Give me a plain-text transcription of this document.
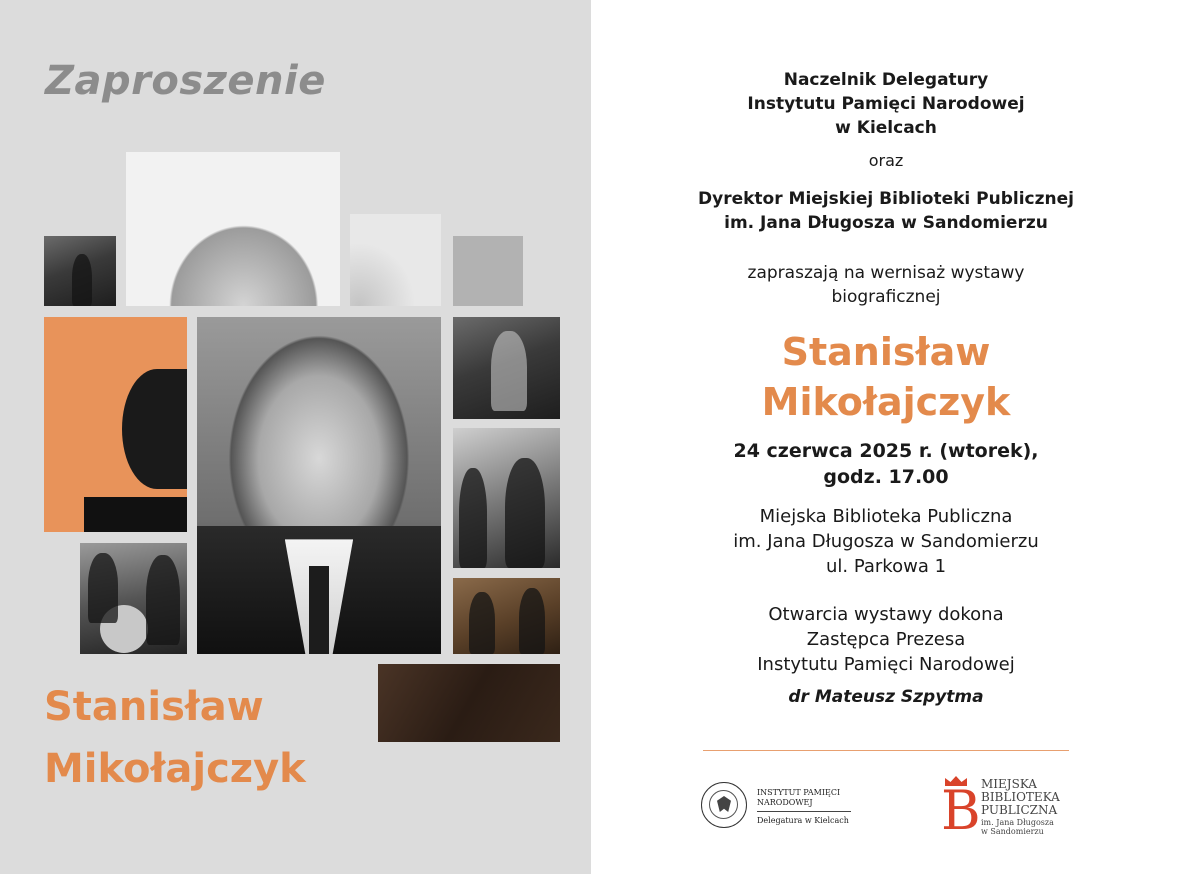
Zaproszenie
Stanisław
Mikołajczyk
Naczelnik Delegatury
Instytutu Pamięci Narodowej
w Kielcach
oraz
Dyrektor Miejskiej Biblioteki Publicznej
im. Jana Długosza w Sandomierzu
zapraszają na wernisaż wystawy
biograficznej
Stanisław
Mikołajczyk
24 czerwca 2025 r. (wtorek),
godz. 17.00
Miejska Biblioteka Publiczna
im. Jana Długosza w Sandomierzu
ul. Parkowa 1
Otwarcia wystawy dokona
Zastępca Prezesa
Instytutu Pamięci Narodowej
dr Mateusz Szpytma
INSTYTUT PAMIĘCI
NARODOWEJ
Delegatura w Kielcach B MIEJSKA
BIBLIOTEKA
PUBLICZNA
im. Jana Długosza
w Sandomierzu
